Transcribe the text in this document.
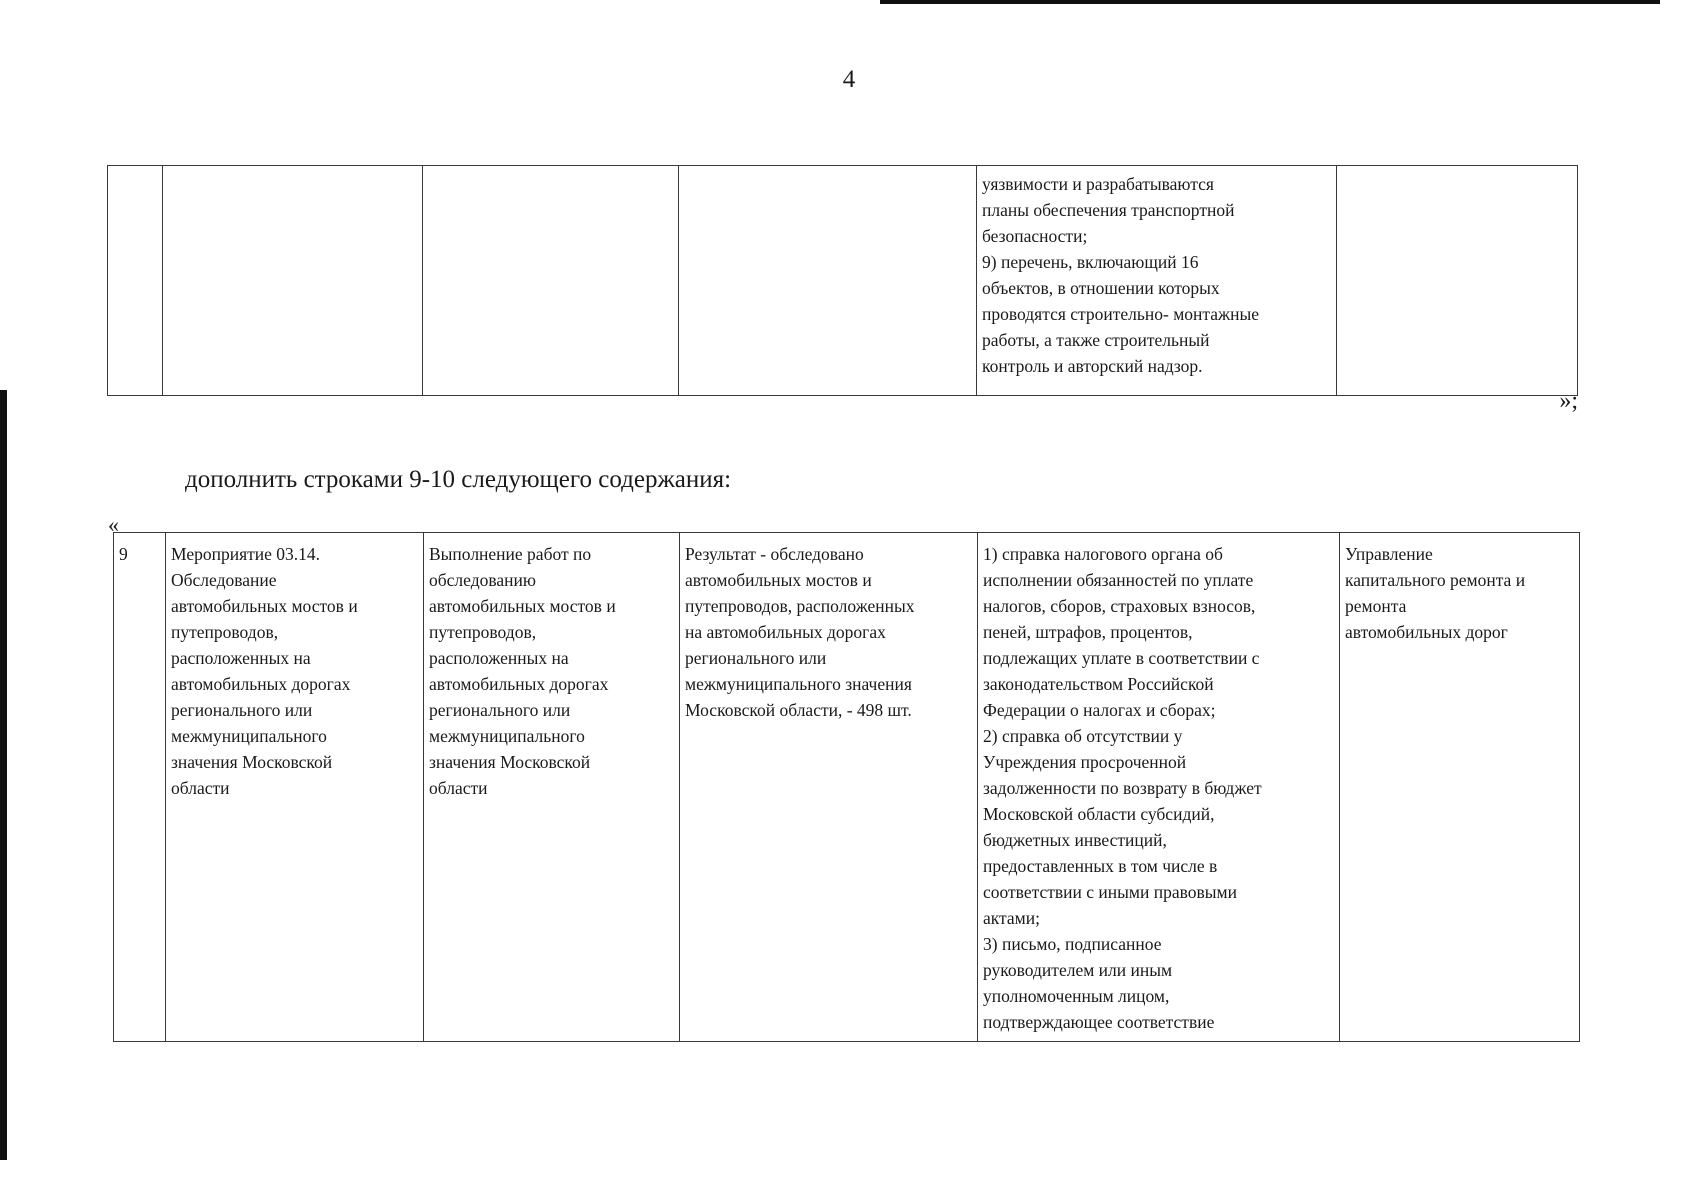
4
				уязвимости и разрабатываются
планы обеспечения транспортной
безопасности;
9) перечень, включающий 16
объектов, в отношении которых
проводятся строительно- монтажные
работы, а также строительный
контроль и авторский надзор.	
»;
дополнить строками 9-10 следующего содержания:
«
9	Мероприятие 03.14.
Обследование
автомобильных мостов и
путепроводов,
расположенных на
автомобильных дорогах
регионального или
межмуниципального
значения Московской
области	Выполнение работ по
обследованию
автомобильных мостов и
путепроводов,
расположенных на
автомобильных дорогах
регионального или
межмуниципального
значения Московской
области	Результат - обследовано
автомобильных мостов и
путепроводов, расположенных
на автомобильных дорогах
регионального или
межмуниципального значения
Московской области, - 498 шт.	1) справка налогового органа об
исполнении обязанностей по уплате
налогов, сборов, страховых взносов,
пеней, штрафов, процентов,
подлежащих уплате в соответствии с
законодательством Российской
Федерации о налогах и сборах;
2) справка об отсутствии у
Учреждения просроченной
задолженности по возврату в бюджет
Московской области субсидий,
бюджетных инвестиций,
предоставленных в том числе в
соответствии с иными правовыми
актами;
3) письмо, подписанное
руководителем или иным
уполномоченным лицом,
подтверждающее соответствие	Управление
капитального ремонта и
ремонта
автомобильных дорог
